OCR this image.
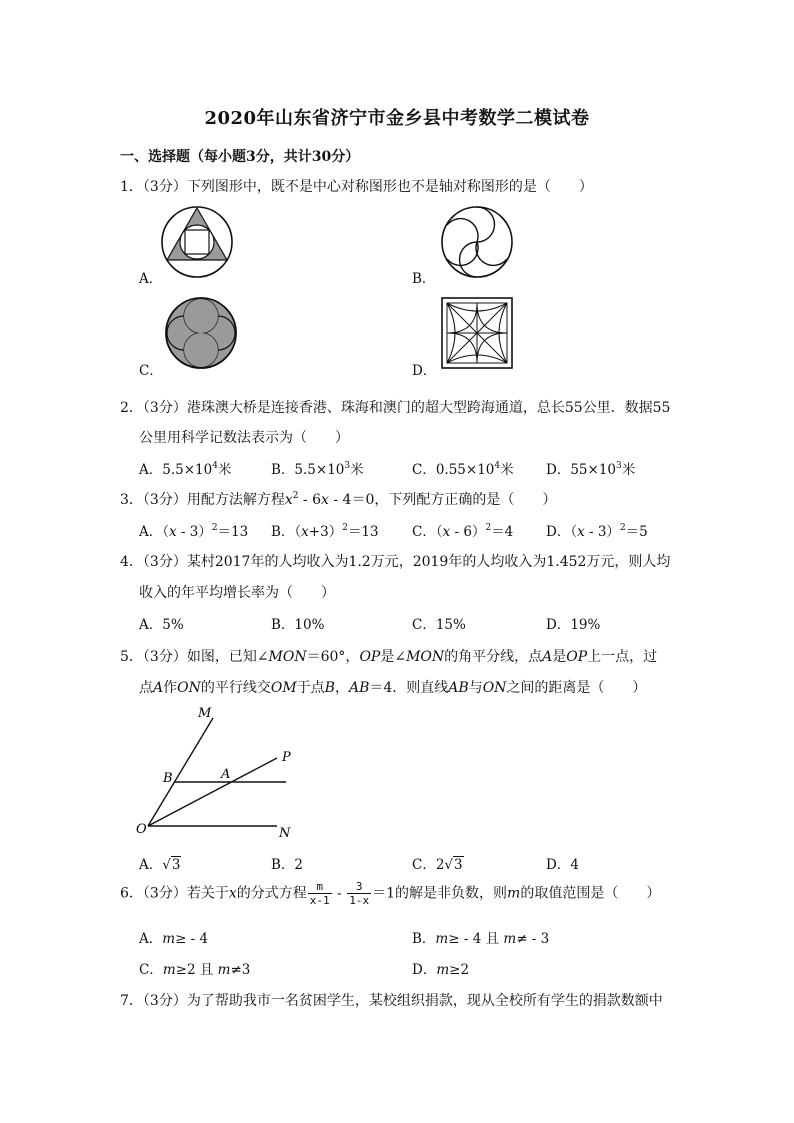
2020年山东省济宁市金乡县中考数学二模试卷
一、选择题（每小题3分，共计30分）
1．（3分）下列图形中，既不是中心对称图形也不是轴对称图形的是（　　）
A．	B．
C．	D．
2．（3分）港珠澳大桥是连接香港、珠海和澳门的超大型跨海通道，总长55公里．数据55
公里用科学记数法表示为（　　）
A．$5.5\times 10^4$米	B．$5.5\times 10^3$米	C．$0.55\times 10^4$米 D．$55\times 10^3$米
3．（3分）用配方法解方程$x^2 - 6x - 4=0$，下列配方正确的是（　　）
A．（x - 3）$^2$＝13 B．$(x+3)^2=13$ C．（x - 6）$^2$＝4 D．（x - 3）$^2$＝5
4．（3分）某村2017年的人均收入为1.2万元，2019年的人均收入为1.452万元，则人均
收入的年平均增长率为（　　）
A．5%	B．10%	C．15%	D．19%
5．（3分）如图，已知∠MON＝60°，OP是∠MON的角平分线，点A是OP上一点，过
点A作ON的平行线交OM于点B，AB＝4．则直线AB与ON之间的距离是（　　）
M
P
B	A
O	N
A．√3	B．2	C．2√3	D．4
6．（3分）若关于x的分式方程 $\frac{m}{x-1} - \frac{3}{1-x} =1$的解是非负数，则m的取值范围是（　　）
A．m≥ - 4	B．m≥ - 4 且 m≠ - 3
C．m≥2 且 m≠3	D．m≥2
7．（3分）为了帮助我市一名贫困学生，某校组织捐款，现从全校所有学生的捐款数额中
